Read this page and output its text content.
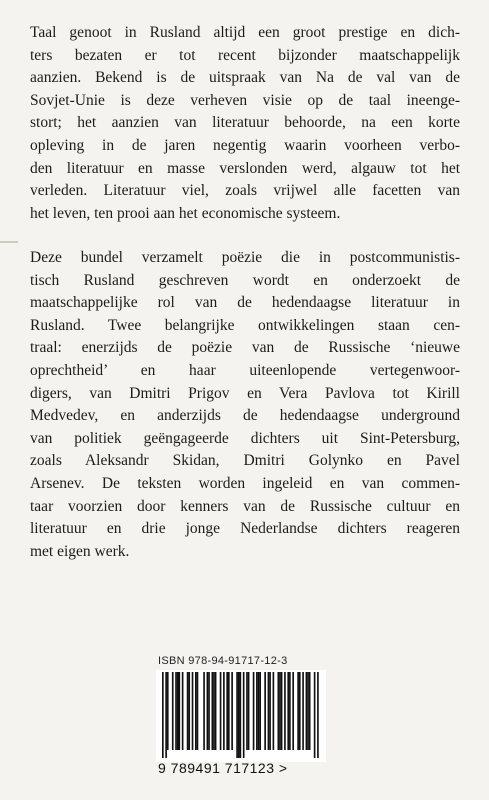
Taal genoot in Rusland altijd een groot prestige en dich-
ters bezaten er tot recent bijzonder maatschappelijk
aanzien. Bekend is de uitspraak van Na de val van de
Sovjet-Unie is deze verheven visie op de taal ineenge-
stort; het aanzien van literatuur behoorde, na een korte
opleving in de jaren negentig waarin voorheen verbo-
den literatuur en masse verslonden werd, algauw tot het
verleden. Literatuur viel, zoals vrijwel alle facetten van
het leven, ten prooi aan het economische systeem.
Deze bundel verzamelt poëzie die in postcommunistis-
tisch Rusland geschreven wordt en onderzoekt de
maatschappelijke rol van de hedendaagse literatuur in
Rusland. Twee belangrijke ontwikkelingen staan cen-
traal: enerzijds de poëzie van de Russische ‘nieuwe
oprechtheid’ en haar uiteenlopende vertegenwoor-
digers, van Dmitri Prigov en Vera Pavlova tot Kirill
Medvedev, en anderzijds de hedendaagse underground
van politiek geëngageerde dichters uit Sint-Petersburg,
zoals Aleksandr Skidan, Dmitri Golynko en Pavel
Arsenev. De teksten worden ingeleid en van commen-
taar voorzien door kenners van de Russische cultuur en
literatuur en drie jonge Nederlandse dichters reageren
met eigen werk.
ISBN 978-94-91717-12-3
9 789491 717123 >
